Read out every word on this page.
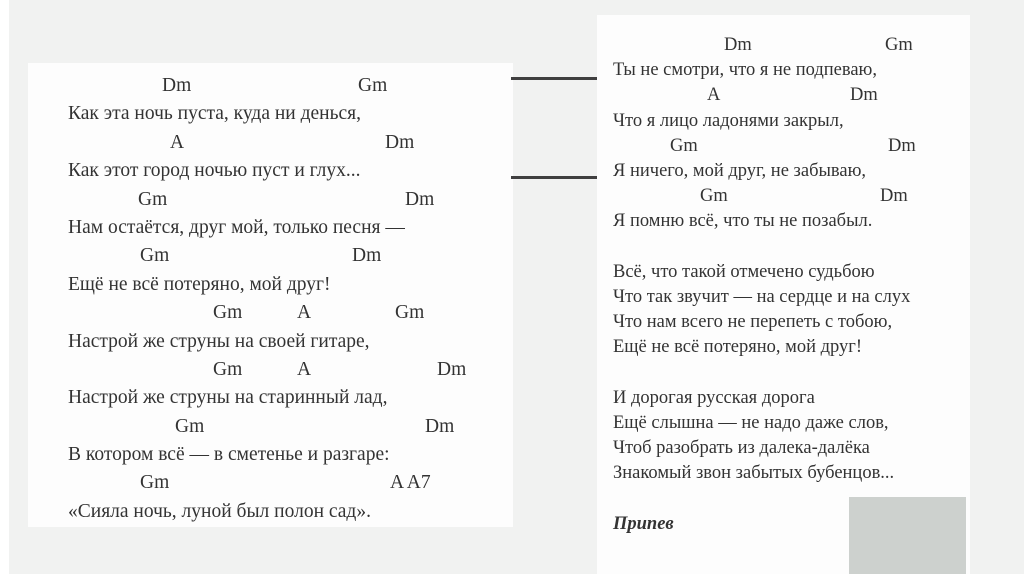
Dm	Gm
Как эта ночь пуста, куда ни денься,
A	Dm
Как этот город ночью пуст и глух...
Gm	Dm
Нам остаётся, друг мой, только песня —
Gm	Dm
Ещё не всё потеряно, мой друг!
Gm	A	Gm
Настрой же струны на своей гитаре,
Gm	A	Dm
Настрой же струны на старинный лад,
Gm	Dm
В котором всё — в сметенье и разгаре:
Gm	A A7
«Сияла ночь, луной был полон сад».
Dm	Gm
Ты не смотри, что я не подпеваю,
A	Dm
Что я лицо ладонями закрыл,
Gm	Dm
Я ничего, мой друг, не забываю,
Gm	Dm
Я помню всё, что ты не позабыл.
Всё, что такой отмечено судьбою
Что так звучит — на сердце и на слух
Что нам всего не перепеть с тобою,
Ещё не всё потеряно, мой друг!
И дорогая русская дорога
Ещё слышна — не надо даже слов,
Чтоб разобрать из далека-далёка
Знакомый звон забытых бубенцов...
Припев
